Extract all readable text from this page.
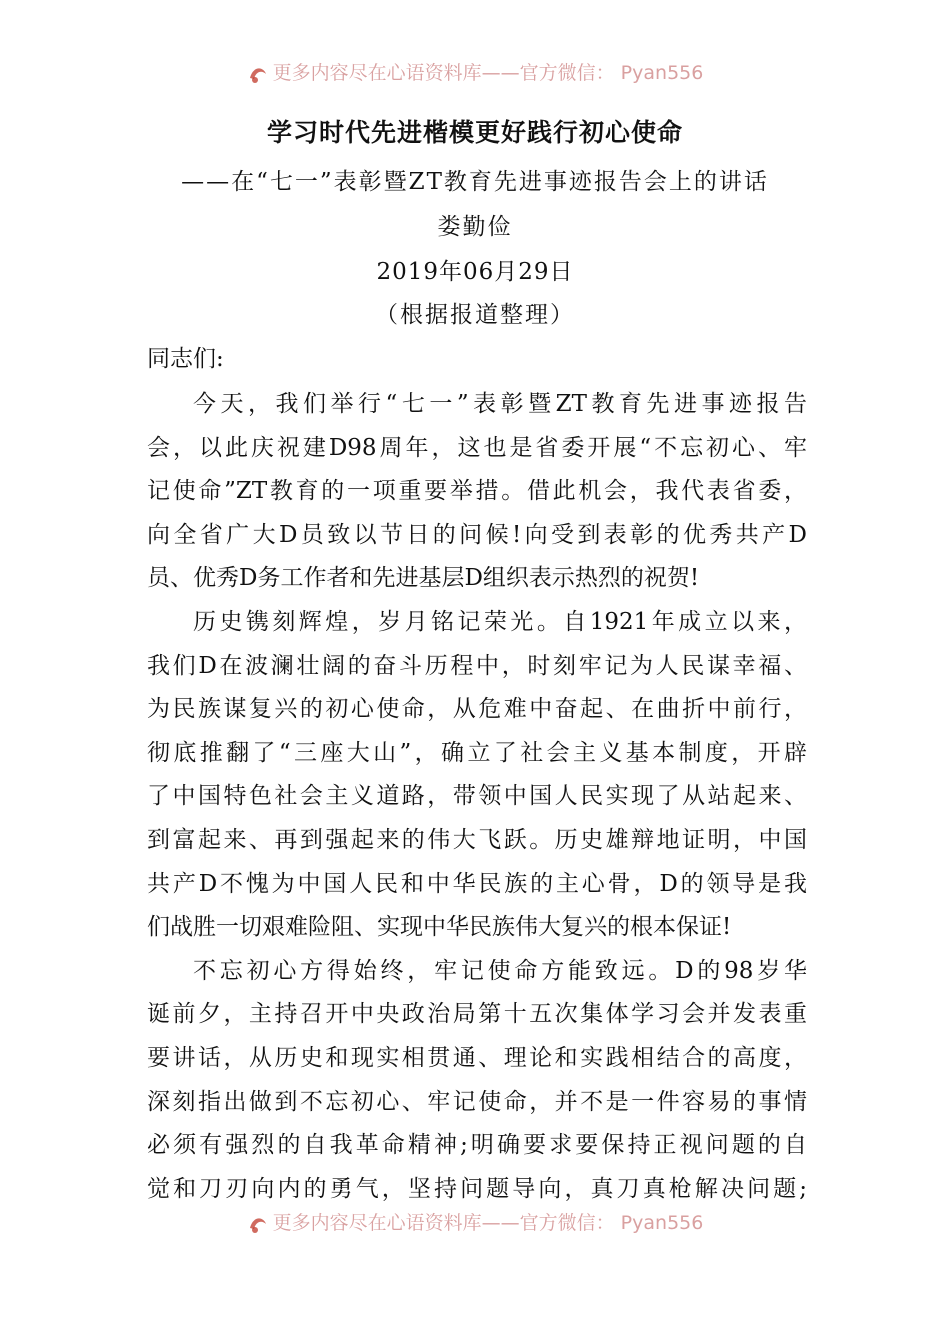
更多内容尽在心语资料库——官方微信： Pyan556
学习时代先进楷模更好践行初心使命
——在“七一”表彰暨ZT教育先进事迹报告会上的讲话
娄勤俭
2019年06月29日
（根据报道整理）
同志们:
今天，我们举行“七一”表彰暨ZT教育先进事迹报告
会，以此庆祝建D98周年，这也是省委开展“不忘初心、牢
记使命”ZT教育的一项重要举措。借此机会，我代表省委，
向全省广大D员致以节日的问候!向受到表彰的优秀共产D
员、优秀D务工作者和先进基层D组织表示热烈的祝贺!
历史镌刻辉煌，岁月铭记荣光。自1921年成立以来，
我们D在波澜壮阔的奋斗历程中，时刻牢记为人民谋幸福、
为民族谋复兴的初心使命，从危难中奋起、在曲折中前行，
彻底推翻了“三座大山”，确立了社会主义基本制度，开辟
了中国特色社会主义道路，带领中国人民实现了从站起来、
到富起来、再到强起来的伟大飞跃。历史雄辩地证明，中国
共产D不愧为中国人民和中华民族的主心骨，D的领导是我
们战胜一切艰难险阻、实现中华民族伟大复兴的根本保证!
不忘初心方得始终，牢记使命方能致远。D的98岁华
诞前夕，主持召开中央政治局第十五次集体学习会并发表重
要讲话，从历史和现实相贯通、理论和实践相结合的高度，
深刻指出做到不忘初心、牢记使命，并不是一件容易的事情
必须有强烈的自我革命精神;明确要求要保持正视问题的自
觉和刀刃向内的勇气，坚持问题导向，真刀真枪解决问题;
更多内容尽在心语资料库——官方微信： Pyan556
